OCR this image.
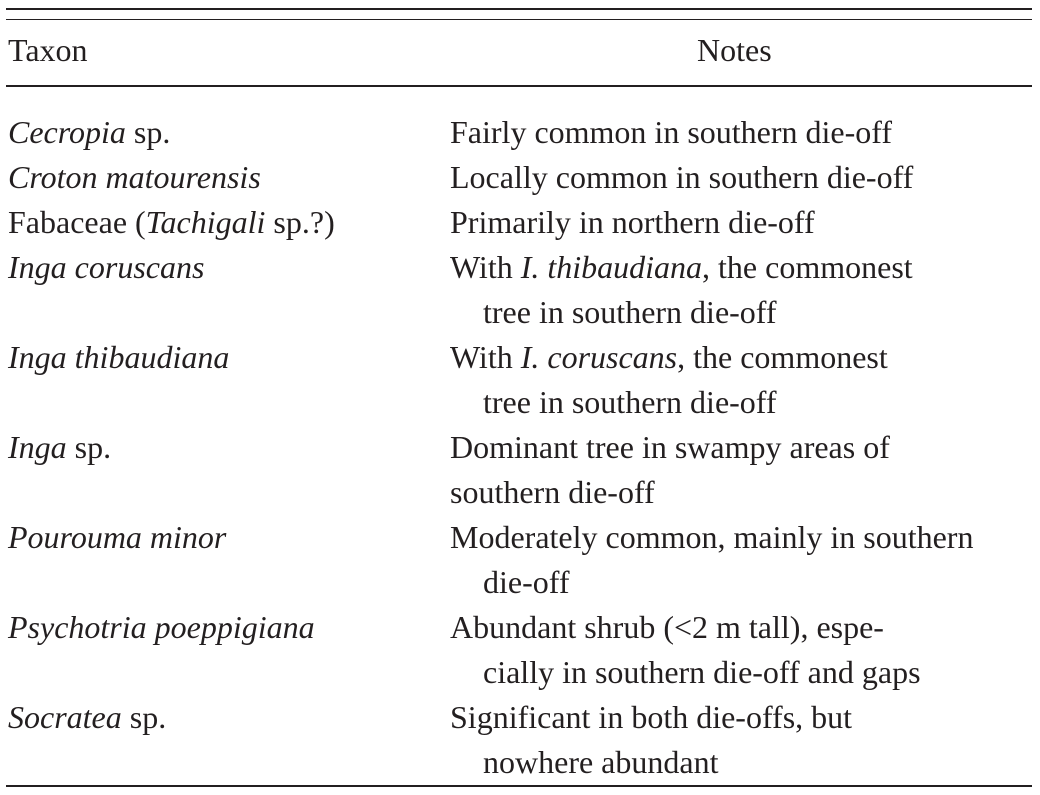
Taxon	Notes
Cecropia sp.	Fairly common in southern die-off
Croton matourensis	Locally common in southern die-off
Fabaceae (Tachigali sp.?)	Primarily in northern die-off
Inga coruscans	With I. thibaudiana, the commonest
tree in southern die-off
Inga thibaudiana	With I. coruscans, the commonest
tree in southern die-off
Inga sp.	Dominant tree in swampy areas of
southern die-off
Pourouma minor	Moderately common, mainly in southern
die-off
Psychotria poeppigiana	Abundant shrub (<2 m tall), espe-
cially in southern die-off and gaps
Socratea sp.	Significant in both die-offs, but
nowhere abundant
